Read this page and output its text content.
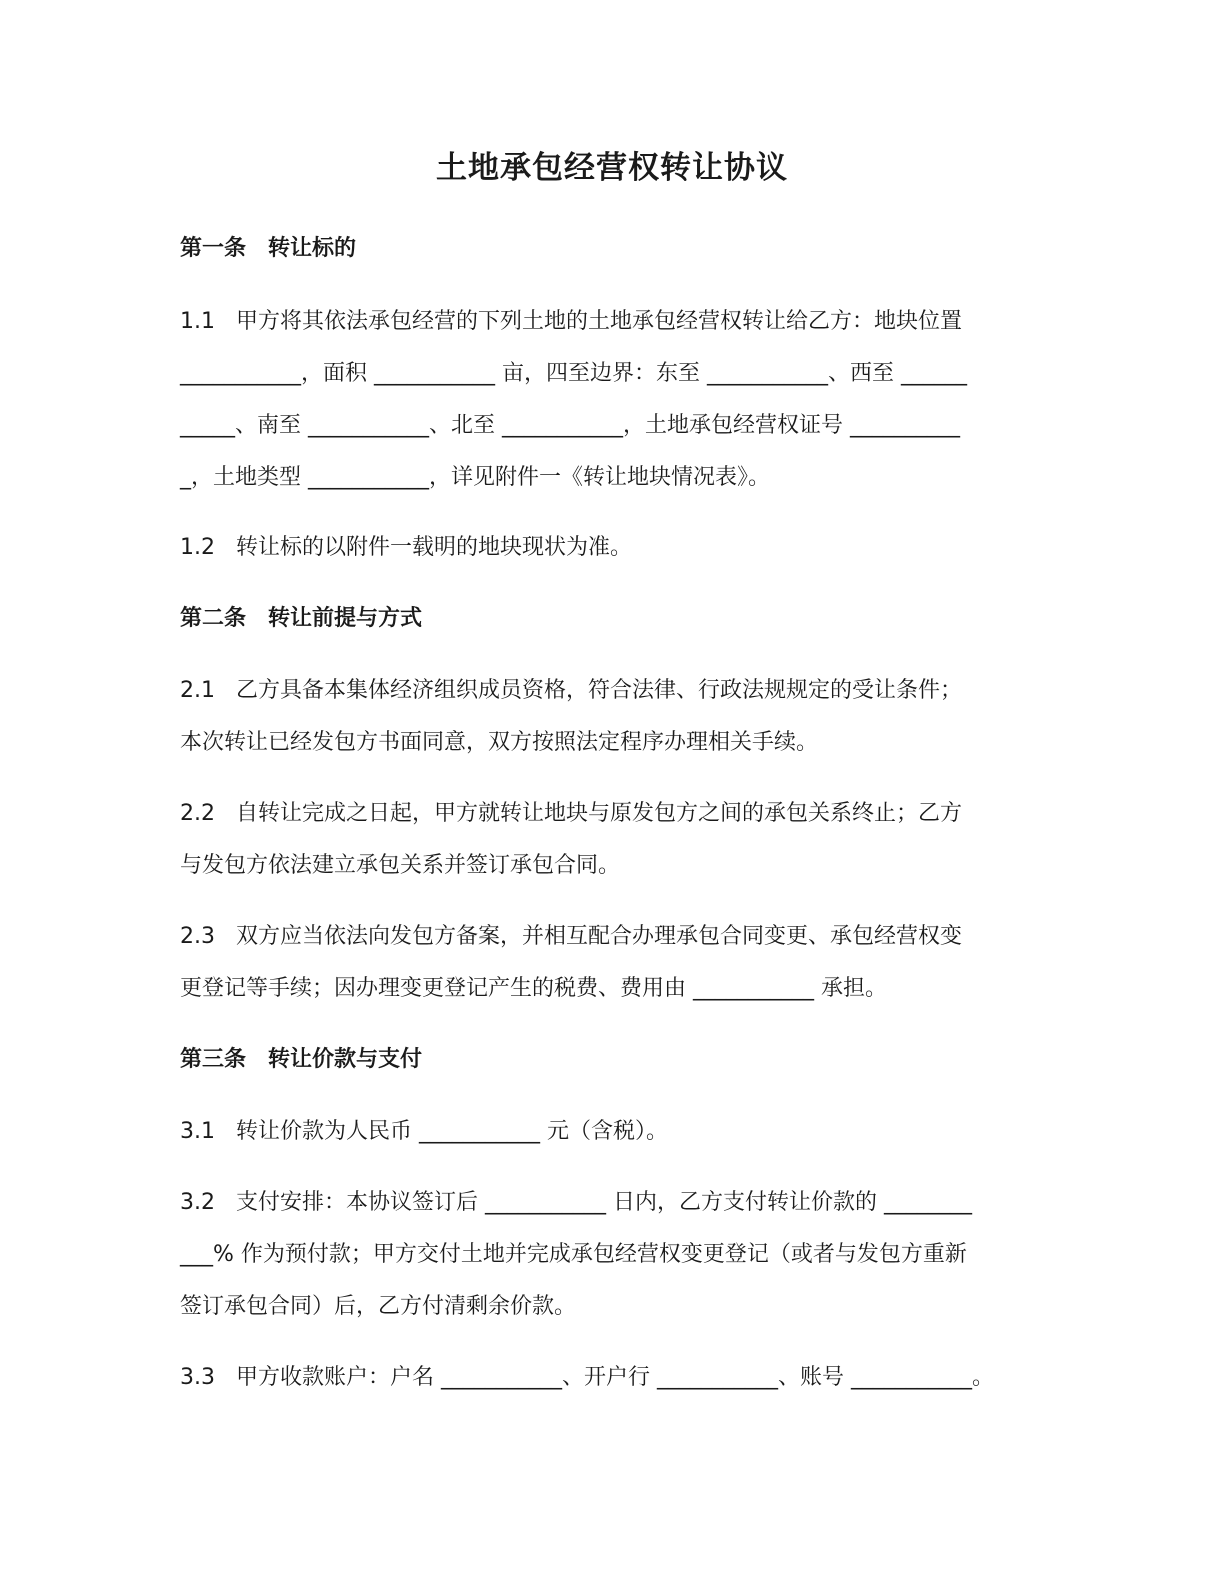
土地承包经营权转让协议
第一条　转让标的
1.1 甲方将其依法承包经营的下列土地的土地承包经营权转让给乙方：地块位置
___________，面积 ___________ 亩，四至边界：东至 ___________、西至 ______
_____、南至 ___________、北至 ___________，土地承包经营权证号 __________
_，土地类型 ___________，详见附件一《转让地块情况表》。
1.2 转让标的以附件一载明的地块现状为准。
第二条　转让前提与方式
2.1 乙方具备本集体经济组织成员资格，符合法律、行政法规规定的受让条件；
本次转让已经发包方书面同意，双方按照法定程序办理相关手续。
2.2 自转让完成之日起，甲方就转让地块与原发包方之间的承包关系终止；乙方
与发包方依法建立承包关系并签订承包合同。
2.3 双方应当依法向发包方备案，并相互配合办理承包合同变更、承包经营权变
更登记等手续；因办理变更登记产生的税费、费用由 ___________ 承担。
第三条　转让价款与支付
3.1 转让价款为人民币 ___________ 元（含税）。
3.2 支付安排：本协议签订后 ___________ 日内，乙方支付转让价款的 ________
___% 作为预付款；甲方交付土地并完成承包经营权变更登记（或者与发包方重新
签订承包合同）后，乙方付清剩余价款。
3.3 甲方收款账户：户名 ___________、开户行 ___________、账号 ___________。
